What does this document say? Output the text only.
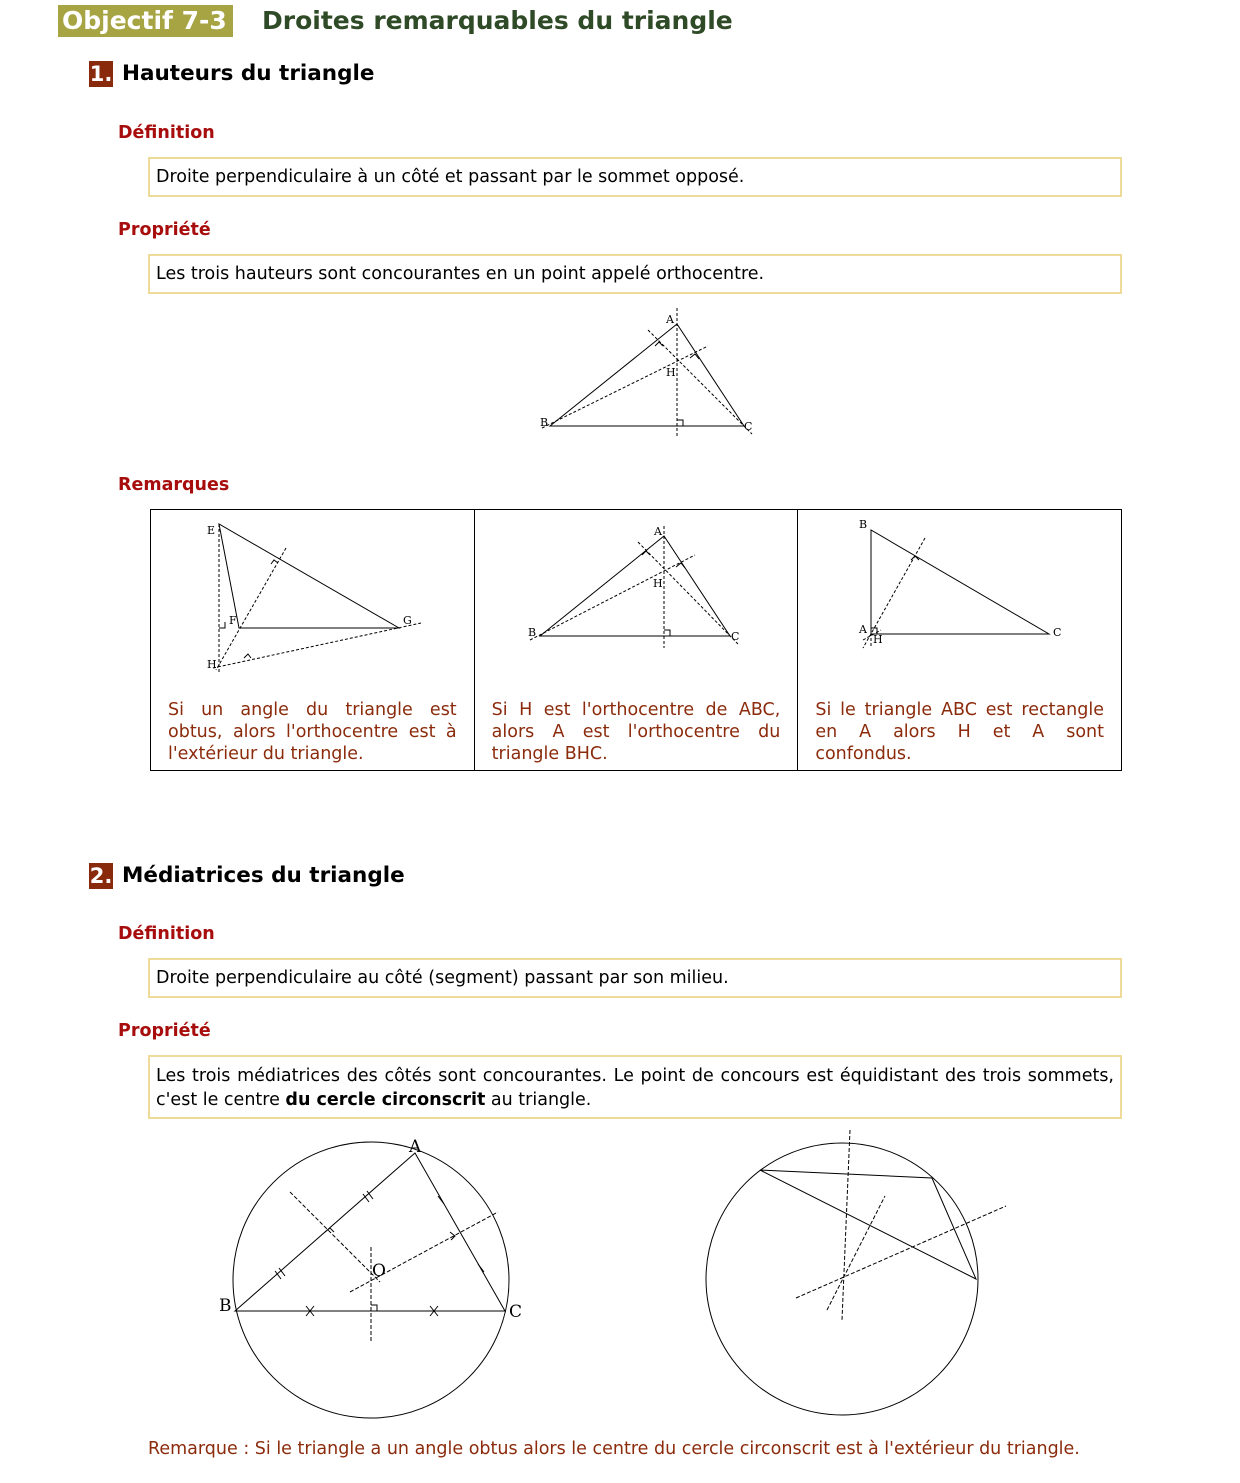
Objectif 7-3 Droites remarquables du triangle
1. Hauteurs du triangle
Définition
Droite perpendiculaire à un côté et passant par le sommet opposé.
Propriété
Les trois hauteurs sont concourantes en un point appelé orthocentre.
A
B	C
H
Remarques
E
F	G
H
Si un angle du triangle est obtus, alors l'orthocentre est à l'extérieur du triangle.
A
B	C
H
Si H est l'orthocentre de ABC, alors A est l'orthocentre du triangle BHC.
B
A	C
H
Si le triangle ABC est rectangle en A alors H et A sont confondus.
2. Médiatrices du triangle
Définition
Droite perpendiculaire au côté (segment) passant par son milieu.
Propriété
Les trois médiatrices des côtés sont concourantes. Le point de concours est équidistant des trois sommets, c'est le centre du cercle circonscrit au triangle.
A
B	C
O
Remarque : Si le triangle a un angle obtus alors le centre du cercle circonscrit est à l'extérieur du triangle.
